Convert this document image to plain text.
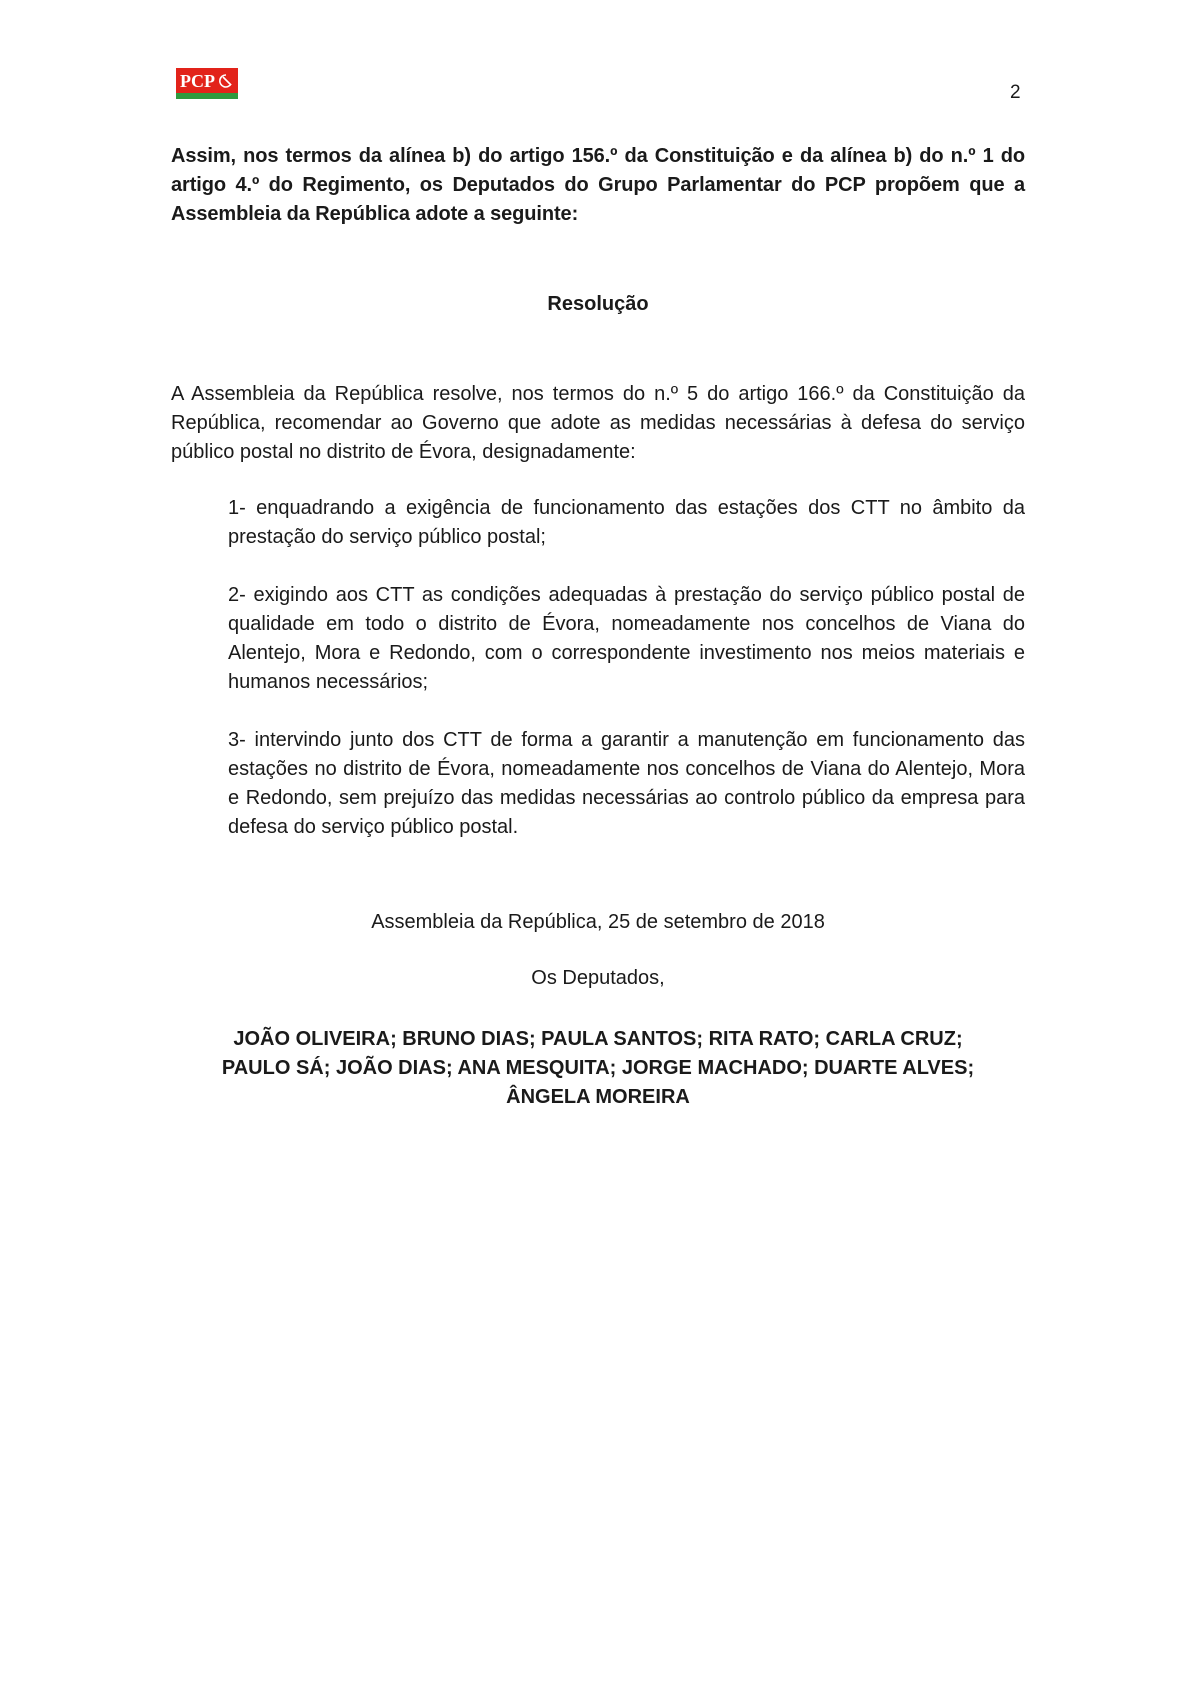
PCP
2

Assim, nos termos da alínea b) do artigo 156.º da Constituição e da alínea b) do n.º 1 do artigo 4.º do Regimento, os Deputados do Grupo Parlamentar do PCP propõem que a Assembleia da República adote a seguinte:

Resolução

A Assembleia da República resolve, nos termos do n.º 5 do artigo 166.º da Constituição da República, recomendar ao Governo que adote as medidas necessárias à defesa do serviço público postal no distrito de Évora, designadamente:

1- enquadrando a exigência de funcionamento das estações dos CTT no âmbito da prestação do serviço público postal;
2- exigindo aos CTT as condições adequadas à prestação do serviço público postal de qualidade em todo o distrito de Évora, nomeadamente nos concelhos de Viana do Alentejo, Mora e Redondo, com o correspondente investimento nos meios materiais e humanos necessários;
3- intervindo junto dos CTT de forma a garantir a manutenção em funcionamento das estações no distrito de Évora, nomeadamente nos concelhos de Viana do Alentejo, Mora e Redondo, sem prejuízo das medidas necessárias ao controlo público da empresa para defesa do serviço público postal.

Assembleia da República, 25 de setembro de 2018

Os Deputados,

JOÃO OLIVEIRA; BRUNO DIAS; PAULA SANTOS; RITA RATO; CARLA CRUZ; PAULO SÁ; JOÃO DIAS; ANA MESQUITA; JORGE MACHADO; DUARTE ALVES; ÂNGELA MOREIRA
